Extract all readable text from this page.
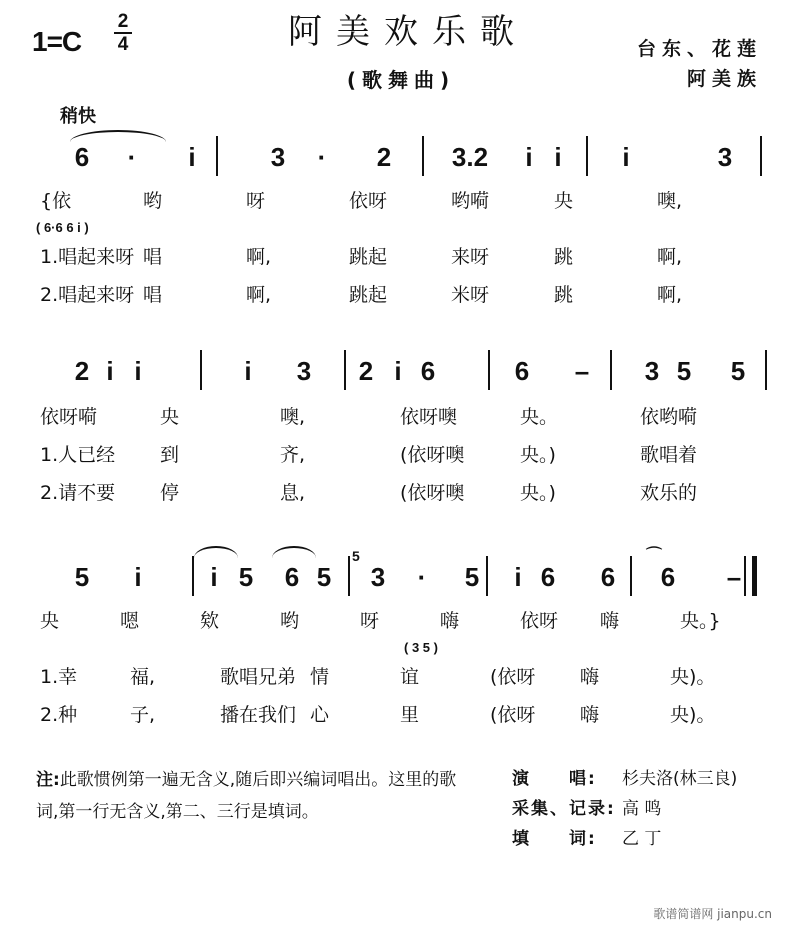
1=C
2
4	阿美欢乐歌
(歌舞曲)
台东、花莲
阿美族
稍快
6 ·	i	3 · 2 3.2	i i	i	3
( 6·6 6 i )
{依	哟	呀	依呀	哟嗬	央	噢,
1.唱起来呀 唱	啊,	跳起	来呀	跳	啊,
2.唱起来呀 唱	啊,	跳起	米呀	跳	啊,
2 i i	i	3 2 i 6	6 – 3 5 5
依呀嗬	央	噢,	依呀噢	央。	依哟嗬
1.人已经 到	齐,	(依呀噢	央。)	歌唱着
2.请不要 停	息,	(依呀噢	央。)	欢乐的
5	⌒
5	i	i 5 6 5 3 · 5	i 6 6 6 –
央	嗯	欸	哟	呀	嗨	依呀 嗨	央。}
( 3 5 )
1.幸	福,	歌唱兄弟 情	谊	(依呀 嗨	央)。
2.种	子,	播在我们 心	里	(依呀 嗨	央)。
注:此歌惯例第一遍无含义,随后即兴编词唱出。这里的歌词,第一行无含义,第二、三行是填词。
演　　唱:	杉夫洛(林三良)
采集、记录: 高 鸣
填　　词:	乙 丁
歌谱简谱网 jianpu.cn
